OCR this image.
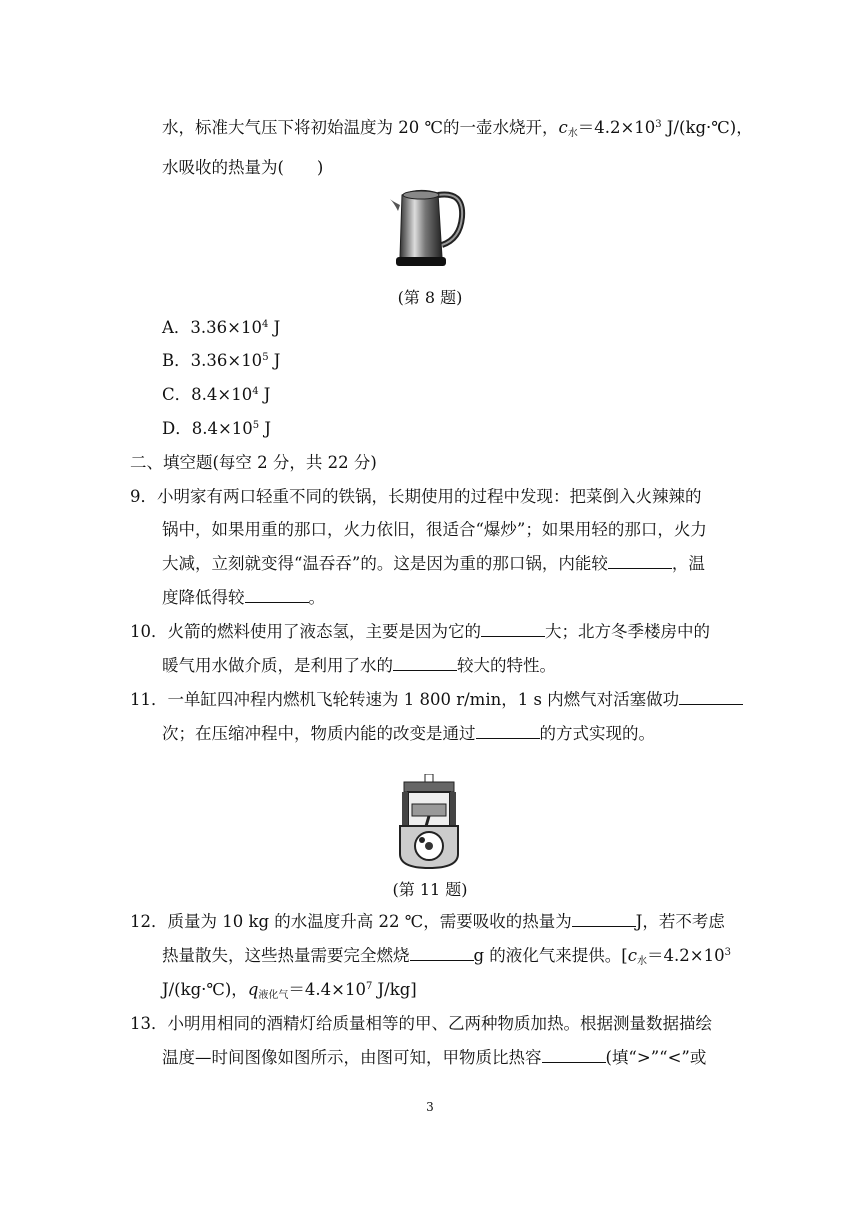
水，标准大气压下将初始温度为 20 ℃的一壶水烧开，c水$=4.2\times 10^3$ J/(kg·℃)，
水吸收的热量为(　　)
(第 8 题)
A．$3.36\times 10^4$ J
B．$3.36\times 10^5$ J
C．$8.4\times 10^4$ J
D．$8.4\times 10^5$ J
二、填空题(每空 2 分，共 22 分)
9．小明家有两口轻重不同的铁锅，长期使用的过程中发现：把菜倒入火辣辣的
锅中，如果用重的那口，火力依旧，很适合“爆炒”；如果用轻的那口，火力
大减，立刻就变得“温吞吞”的。这是因为重的那口锅，内能较	，温
度降低得较	。
10．火箭的燃料使用了液态氢，主要是因为它的	大；北方冬季楼房中的
暖气用水做介质，是利用了水的	较大的特性。
11．一单缸四冲程内燃机飞轮转速为 1 800 r/min，1 s 内燃气对活塞做功
次；在压缩冲程中，物质内能的改变是通过	的方式实现的。
(第 11 题)
12．质量为 10 kg 的水温度升高 22 ℃，需要吸收的热量为	J，若不考虑
热量散失，这些热量需要完全燃烧	g 的液化气来提供。[c水$=4.2\times 10^3$
J/(kg·℃)，q液化气$=4.4\times 10^7$ J/kg]
13．小明用相同的酒精灯给质量相等的甲、乙两种物质加热。根据测量数据描绘
温度—时间图像如图所示，由图可知，甲物质比热容	(填“>”“<”或
3
